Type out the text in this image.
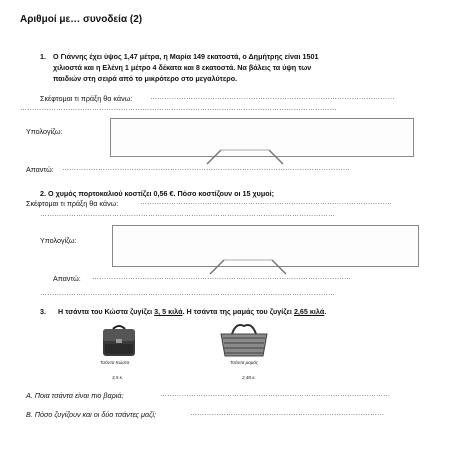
Αριθμοί με… συνοδεία (2)
1. Ο Γιάννης έχει ύψος 1,47 μέτρα, η Μαρία 149 εκατοστά, ο Δημήτρης είναι 1501
χιλιοστά και η Ελένη 1 μέτρο 4 δέκατα και 8 εκατοστά. Να βάλεις τα ύψη των
παιδιών στη σειρά από το μικρότερο στο μεγαλύτερο.
Σκέφτομαι τι πράξη θα κάνω:	…………………………………………………………………………………………
……………………………………………………………………………………………………………………
Υπολογίζω:
Απαντώ: …………………………………………………………………………………………………………
2. Ο χυμός πορτοκαλιού κοστίζει 0,56 €. Πόσο κοστίζουν οι 15 χυμοί;
Σκέφτομαι τι πράξη θα κάνω:	……………………………………………………………………………………………
……………………………………………………………………………………………………………
Υπολογίζω:
Απαντώ: ………………………………………………………………………………………………
……………………………………………………………………………………………………………
3. Η τσάντα του Κώστα ζυγίζει 3, 5 κιλά. Η τσάντα της μαμάς του ζυγίζει 2,65 κιλά.
Τσάντα Κώστα
3,5 κ.
Τσάντα μαμάς
2,48 κ.
Α. Ποια τσάντα είναι πιο βαριά;	……………………………………………………………………………………
Β. Πόσο ζυγίζουν και οι δύο τσάντες μαζί;	………………………………………………………………………
